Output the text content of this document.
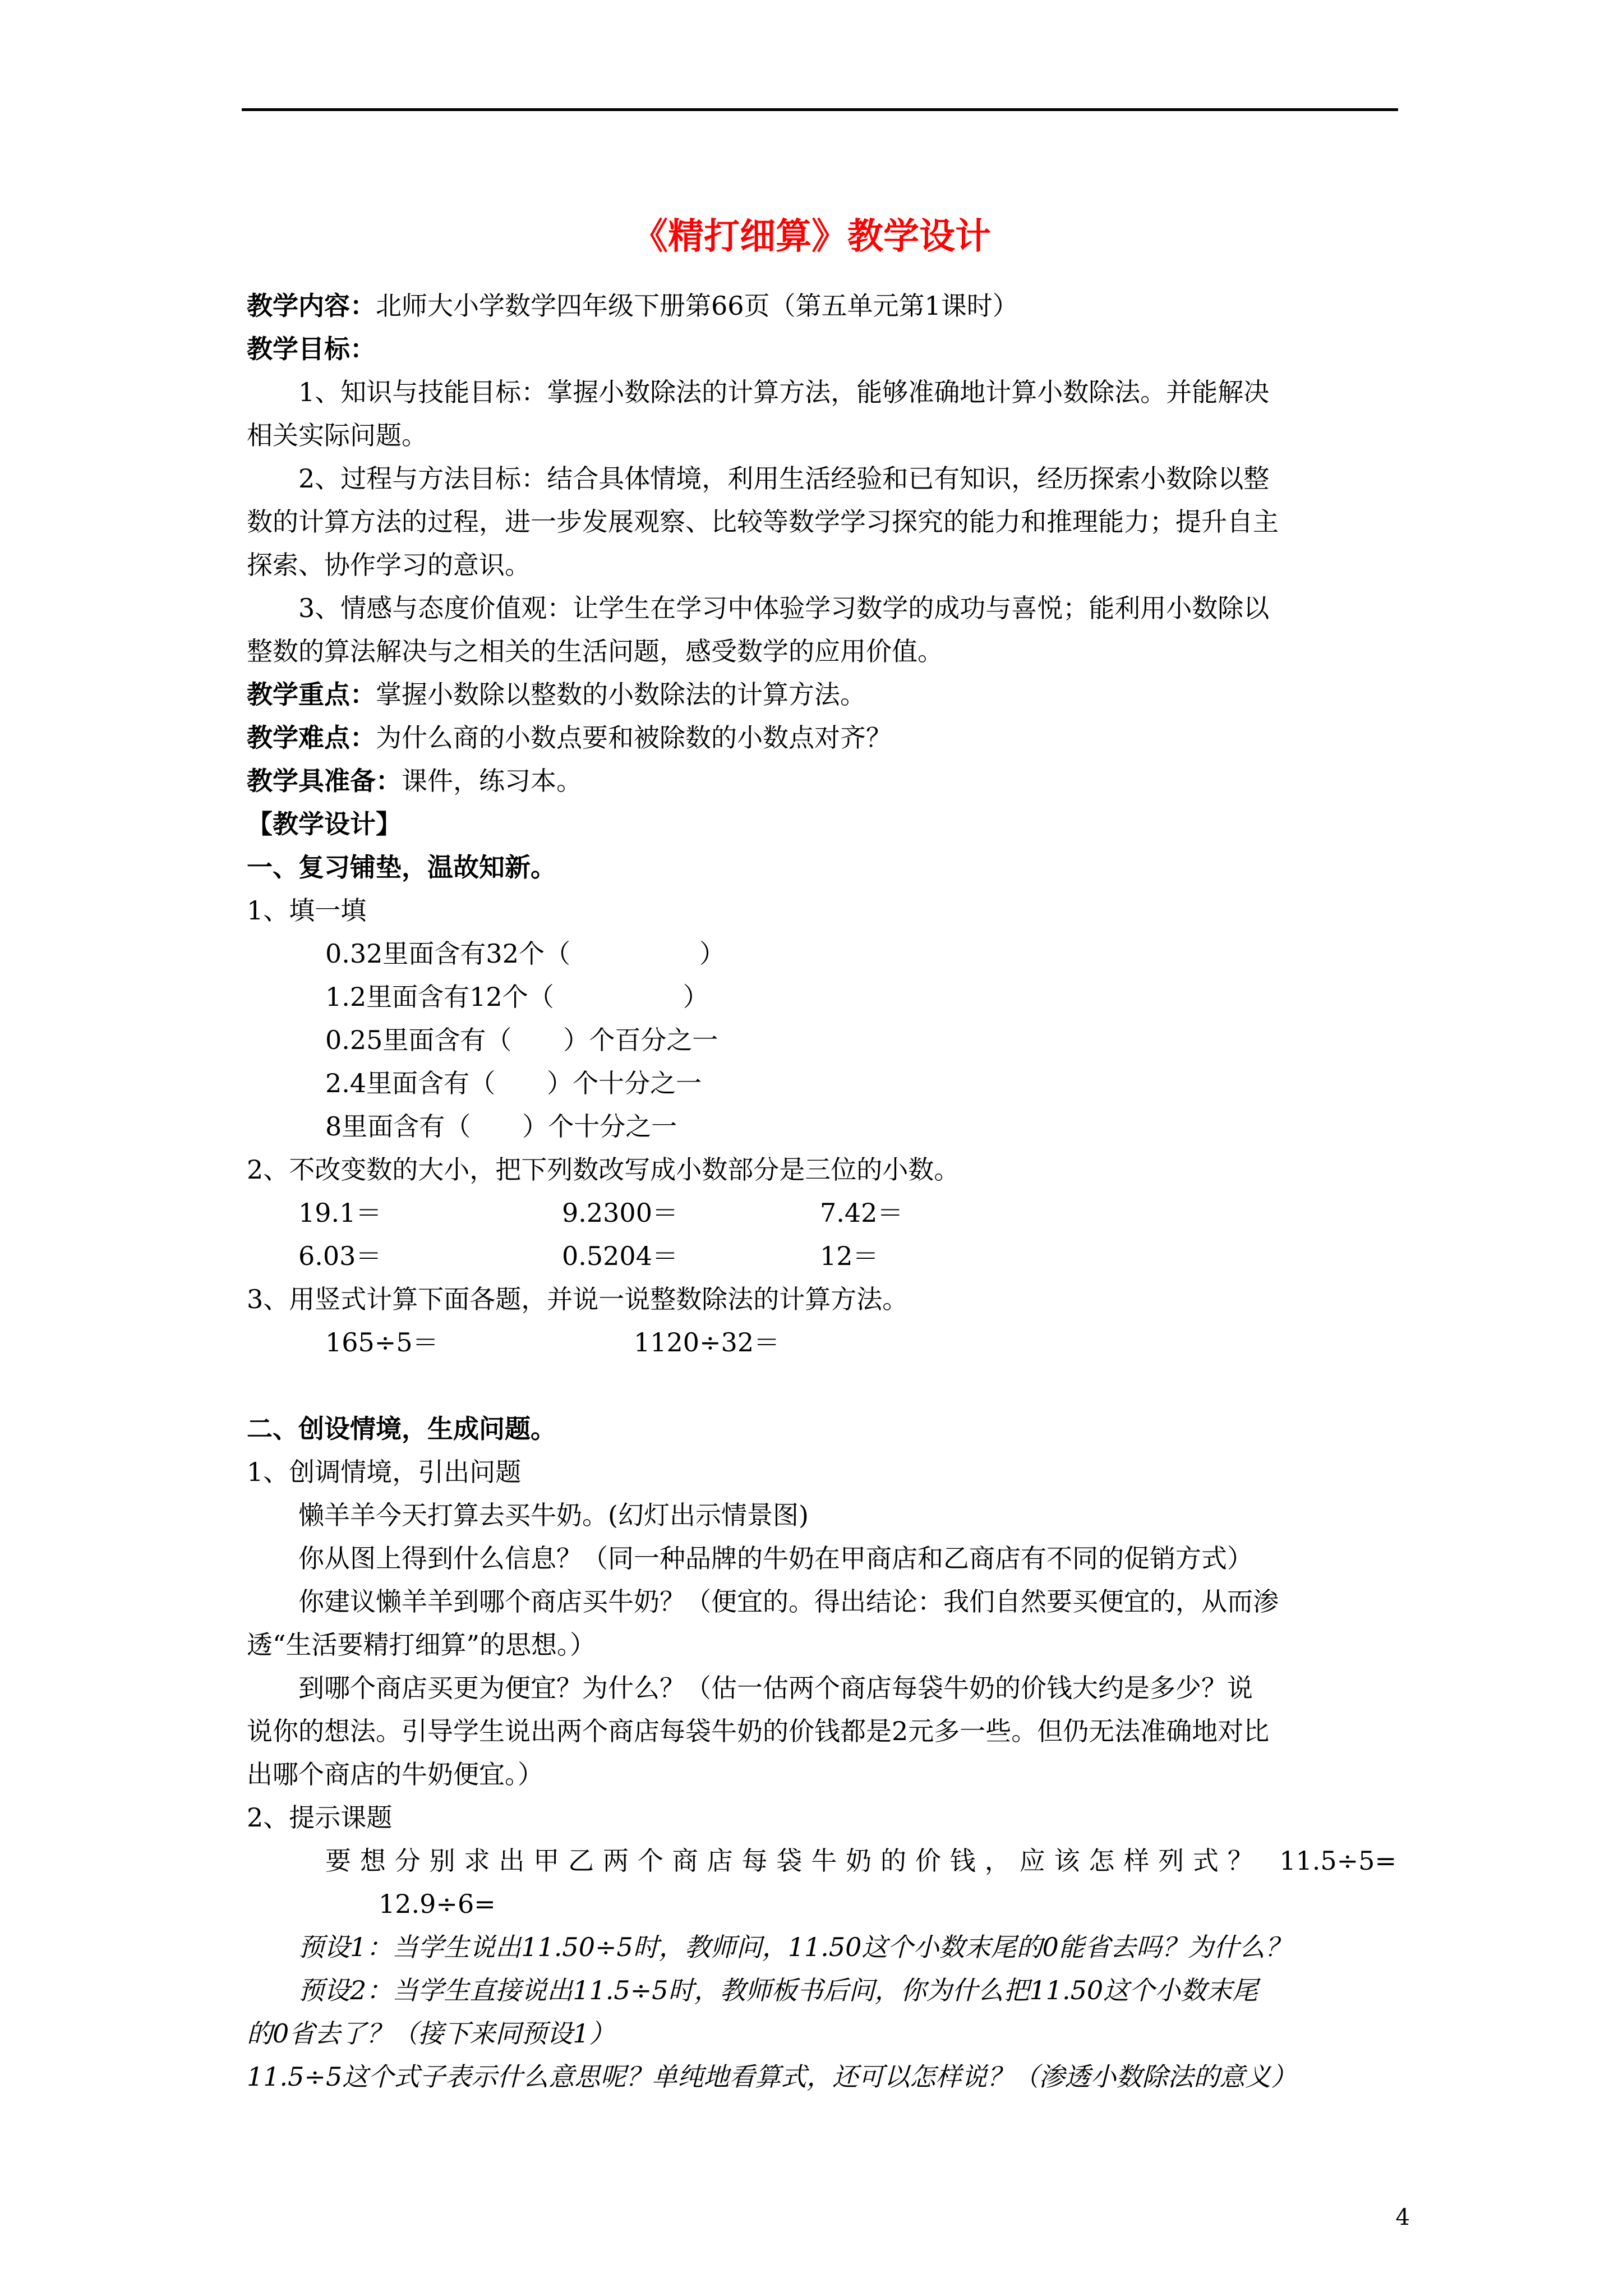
《精打细算》教学设计

教学内容：北师大小学数学四年级下册第66页（第五单元第1课时）

教学目标：

1、知识与技能目标：掌握小数除法的计算方法，能够准确地计算小数除法。并能解决

相关实际问题。

2、过程与方法目标：结合具体情境，利用生活经验和已有知识，经历探索小数除以整

数的计算方法的过程，进一步发展观察、比较等数学学习探究的能力和推理能力；提升自主

探索、协作学习的意识。

3、情感与态度价值观：让学生在学习中体验学习数学的成功与喜悦；能利用小数除以

整数的算法解决与之相关的生活问题，感受数学的应用价值。

教学重点：掌握小数除以整数的小数除法的计算方法。

教学难点：为什么商的小数点要和被除数的小数点对齐？

教学具准备：课件，练习本。

【教学设计】

一、复习铺垫，温故知新。

1、填一填

0.32里面含有32个（　　　　　）

1.2里面含有12个（　　　　　）

0.25里面含有（　　）个百分之一

2.4里面含有（　　）个十分之一

8里面含有（　　）个十分之一

2、不改变数的大小，把下列数改写成小数部分是三位的小数。

19.1＝	9.2300＝	7.42＝

6.03＝	0.5204＝	12＝

3、用竖式计算下面各题，并说一说整数除法的计算方法。

165÷5＝	1120÷32＝

二、创设情境，生成问题。

1、创调情境，引出问题

懒羊羊今天打算去买牛奶。(幻灯出示情景图)

你从图上得到什么信息？（同一种品牌的牛奶在甲商店和乙商店有不同的促销方式）

你建议懒羊羊到哪个商店买牛奶？（便宜的。得出结论：我们自然要买便宜的，从而渗

透“生活要精打细算”的思想。）

到哪个商店买更为便宜？为什么？（估一估两个商店每袋牛奶的价钱大约是多少？说

说你的想法。引导学生说出两个商店每袋牛奶的价钱都是2元多一些。但仍无法准确地对比

出哪个商店的牛奶便宜。）

2、提示课题

要想分别求出甲乙两个商店每袋牛奶的价钱，应该怎样列式？ 11.5÷5=

12.9÷6=

预设1：当学生说出11.50÷5时，教师问，11.50这个小数末尾的0能省去吗？为什么？

预设2：当学生直接说出11.5÷5时，教师板书后问，你为什么把11.50这个小数末尾

的0省去了？（接下来同预设1）

11.5÷5这个式子表示什么意思呢？单纯地看算式，还可以怎样说？（渗透小数除法的意义）

4
